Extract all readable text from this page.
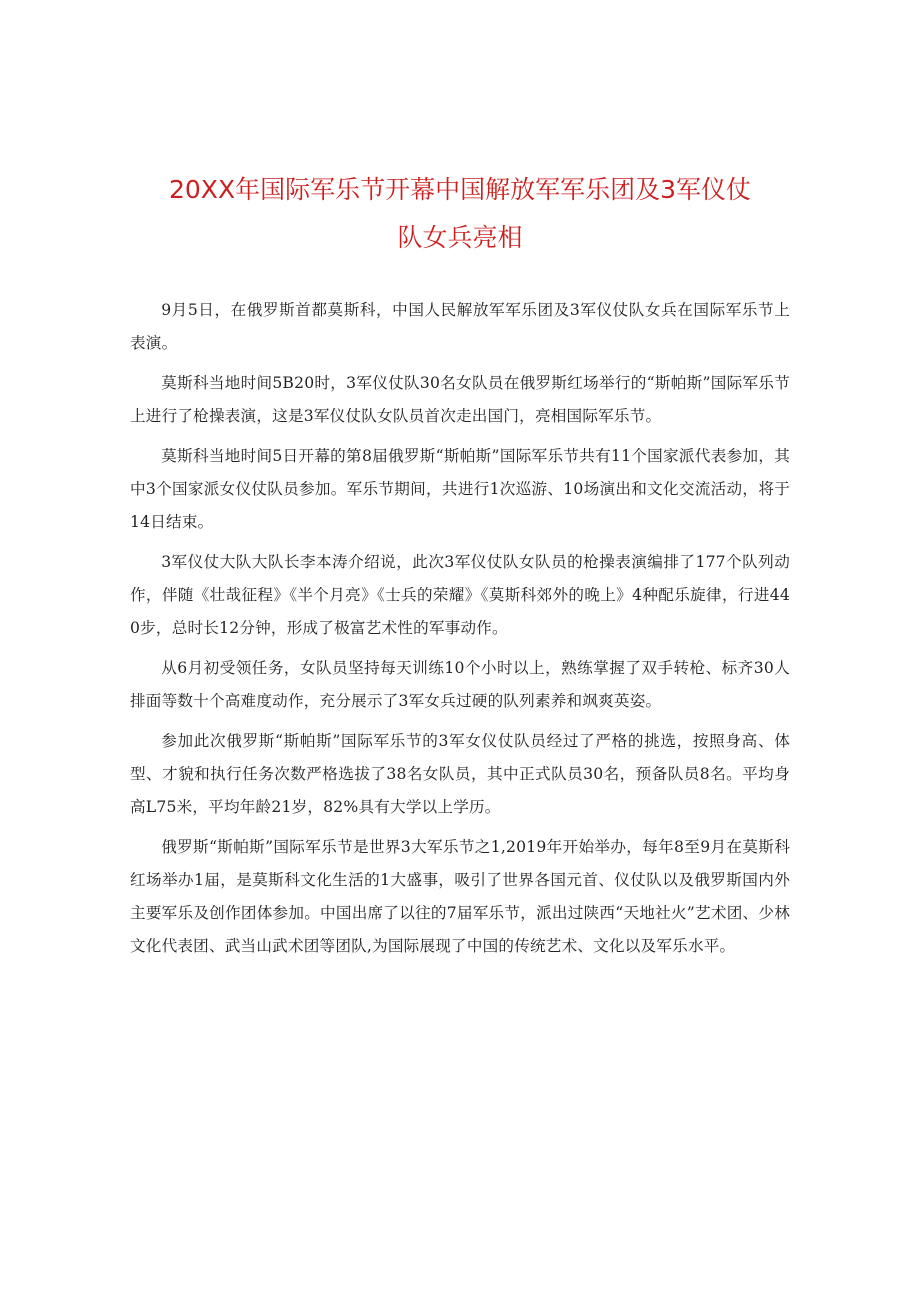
20XX年国际军乐节开幕中国解放军军乐团及3军仪仗
队女兵亮相

9月5日，在俄罗斯首都莫斯科，中国人民解放军军乐团及3军仪仗队女兵在国际军乐节上表演。

莫斯科当地时间5B20时，3军仪仗队30名女队员在俄罗斯红场举行的“斯帕斯”国际军乐节上进行了枪操表演，这是3军仪仗队女队员首次走出国门，亮相国际军乐节。

莫斯科当地时间5日开幕的第8届俄罗斯“斯帕斯”国际军乐节共有11个国家派代表参加，其中3个国家派女仪仗队员参加。军乐节期间，共进行1次巡游、10场演出和文化交流活动，将于14日结束。

3军仪仗大队大队长李本涛介绍说，此次3军仪仗队女队员的枪操表演编排了177个队列动作，伴随《壮哉征程》《半个月亮》《士兵的荣耀》《莫斯科郊外的晚上》4种配乐旋律，行进440步，总时长12分钟，形成了极富艺术性的军事动作。

从6月初受领任务，女队员坚持每天训练10个小时以上，熟练掌握了双手转枪、标齐30人排面等数十个高难度动作，充分展示了3军女兵过硬的队列素养和飒爽英姿。

参加此次俄罗斯“斯帕斯”国际军乐节的3军女仪仗队员经过了严格的挑选，按照身高、体型、才貌和执行任务次数严格选拔了38名女队员，其中正式队员30名，预备队员8名。平均身高L75米，平均年龄21岁，82%具有大学以上学历。

俄罗斯“斯帕斯”国际军乐节是世界3大军乐节之1,2019年开始举办，每年8至9月在莫斯科红场举办1届，是莫斯科文化生活的1大盛事，吸引了世界各国元首、仪仗队以及俄罗斯国内外主要军乐及创作团体参加。中国出席了以往的7届军乐节，派出过陕西“天地社火”艺术团、少林文化代表团、武当山武术团等团队,为国际展现了中国的传统艺术、文化以及军乐水平。
